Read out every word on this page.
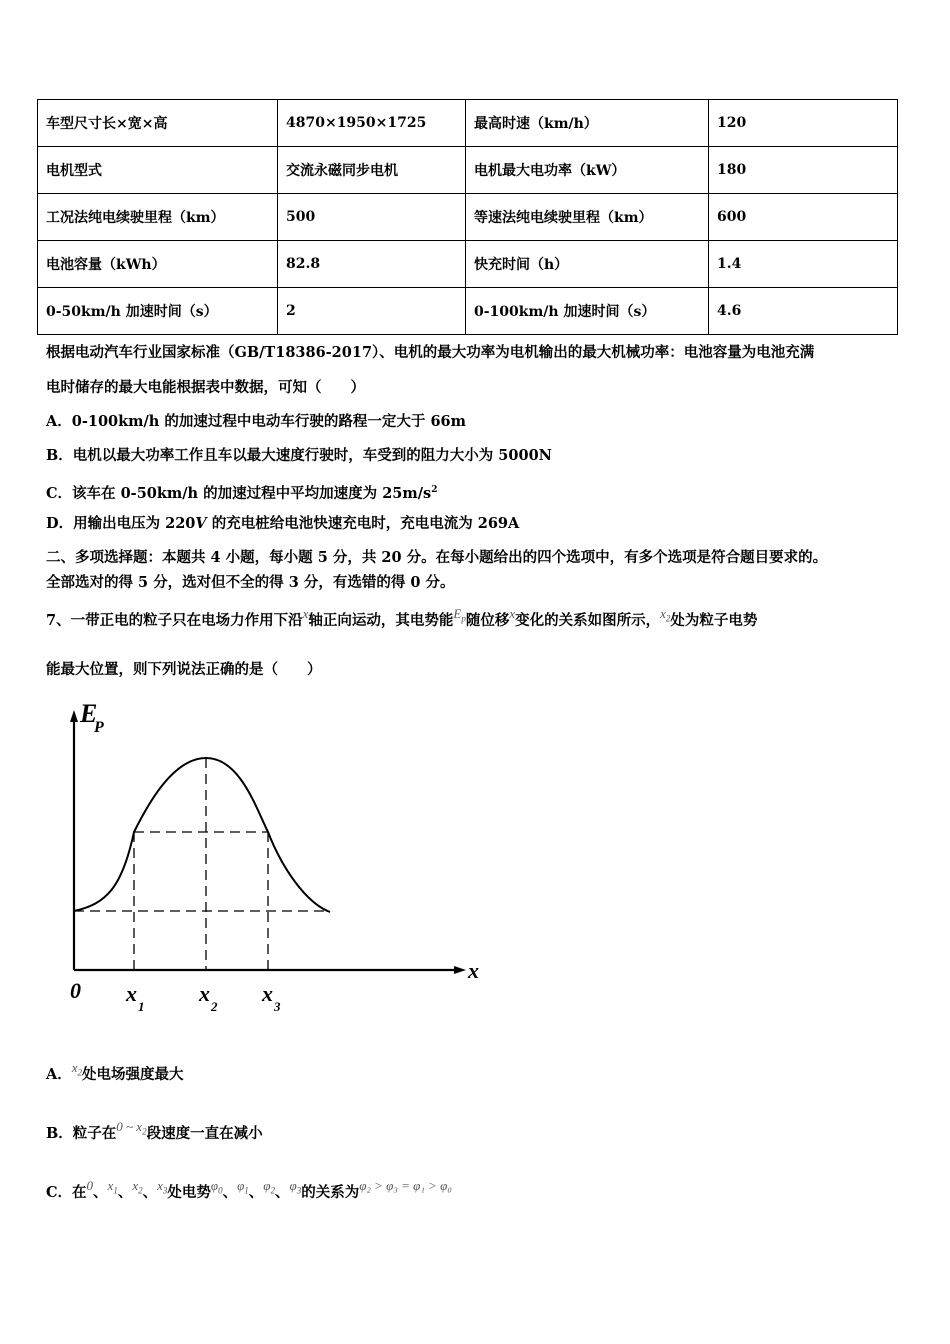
车型尺寸长×宽×高	4870×1950×1725	最高时速（km/h）	120
电机型式	交流永磁同步电机	电机最大电功率（kW）	180
工况法纯电续驶里程（km）	500	等速法纯电续驶里程（km）	600
电池容量（kWh）	82.8	快充时间（h）	1.4
0-50km/h 加速时间（s）	2	0-100km/h 加速时间（s）	4.6
根据电动汽车行业国家标准（GB/T18386-2017）、电机的最大功率为电机输出的最大机械功率：电池容量为电池充满
电时储存的最大电能根据表中数据，可知（　　）
A．0-100km/h 的加速过程中电动车行驶的路程一定大于 66m
B．电机以最大功率工作且车以最大速度行驶时，车受到的阻力大小为 5000N
C．该车在 0-50km/h 的加速过程中平均加速度为 $25m/s^2$
D．用输出电压为 220V 的充电桩给电池快速充电时，充电电流为 269A
二、多项选择题：本题共 4 小题，每小题 5 分，共 20 分。在每小题给出的四个选项中，有多个选项是符合题目要求的。
全部选对的得 5 分，选对但不全的得 3 分，有选错的得 0 分。
7、一带正电的粒子只在电场力作用下沿x轴正向运动，其电势能$E_p$随位移x变化的关系如图所示，$x_2$处为粒子电势
能最大位置，则下列说法正确的是（　　）
E
P
x
0 x
1
x
2
x
3
A．$x_2$处电场强度最大
B．粒子在0 ~ $x_2$段速度一直在减小
C．在0、$x_1$、$x_2$、$x_3$处电势$\varphi_0$、$\varphi_1$、$\varphi_2$、$\varphi_3$的关系为φ₂ > φ₃ = φ₁ > φ₀
